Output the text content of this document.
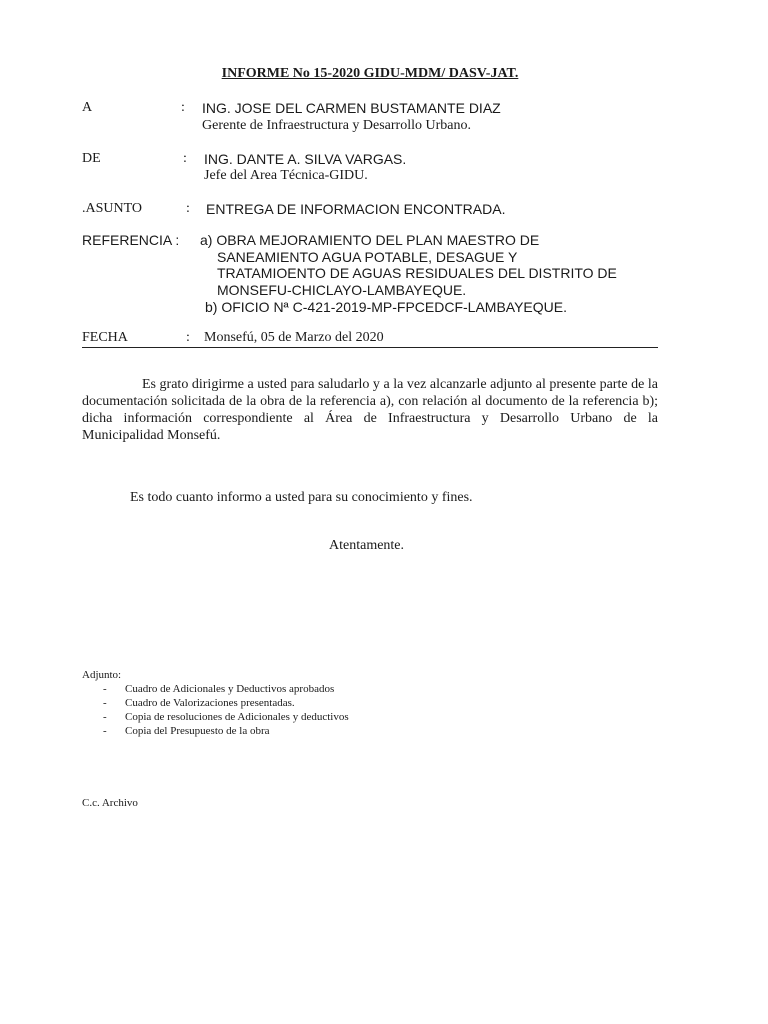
INFORME No 15-2020 GIDU-MDM/ DASV-JAT.
A	: ING. JOSE DEL CARMEN BUSTAMANTE DIAZ
Gerente de Infraestructura y Desarrollo Urbano.
DE	: ING. DANTE A. SILVA VARGAS.
Jefe del Area Técnica-GIDU.
.ASUNTO	: ENTREGA DE INFORMACION ENCONTRADA.
REFERENCIA : a) OBRA MEJORAMIENTO DEL PLAN MAESTRO DE
SANEAMIENTO AGUA POTABLE, DESAGUE Y
TRATAMIOENTO DE AGUAS RESIDUALES DEL DISTRITO DE
MONSEFU-CHICLAYO-LAMBAYEQUE.
b) OFICIO Nª C-421-2019-MP-FPCEDCF-LAMBAYEQUE.
FECHA	: Monsefú, 05 de Marzo del 2020
Es grato dirigirme a usted para saludarlo y a la vez alcanzarle adjunto al presente parte de la documentación solicitada de la obra de la referencia a), con relación al documento de la referencia b); dicha información correspondiente al Área de Infraestructura y Desarrollo Urbano de la Municipalidad Monsefú.
Es todo cuanto informo a usted para su conocimiento y fines.
Atentamente.
Adjunto:
- Cuadro de Adicionales y Deductivos aprobados
- Cuadro de Valorizaciones presentadas.
- Copia de resoluciones de Adicionales y deductivos
- Copia del Presupuesto de la obra
C.c. Archivo
